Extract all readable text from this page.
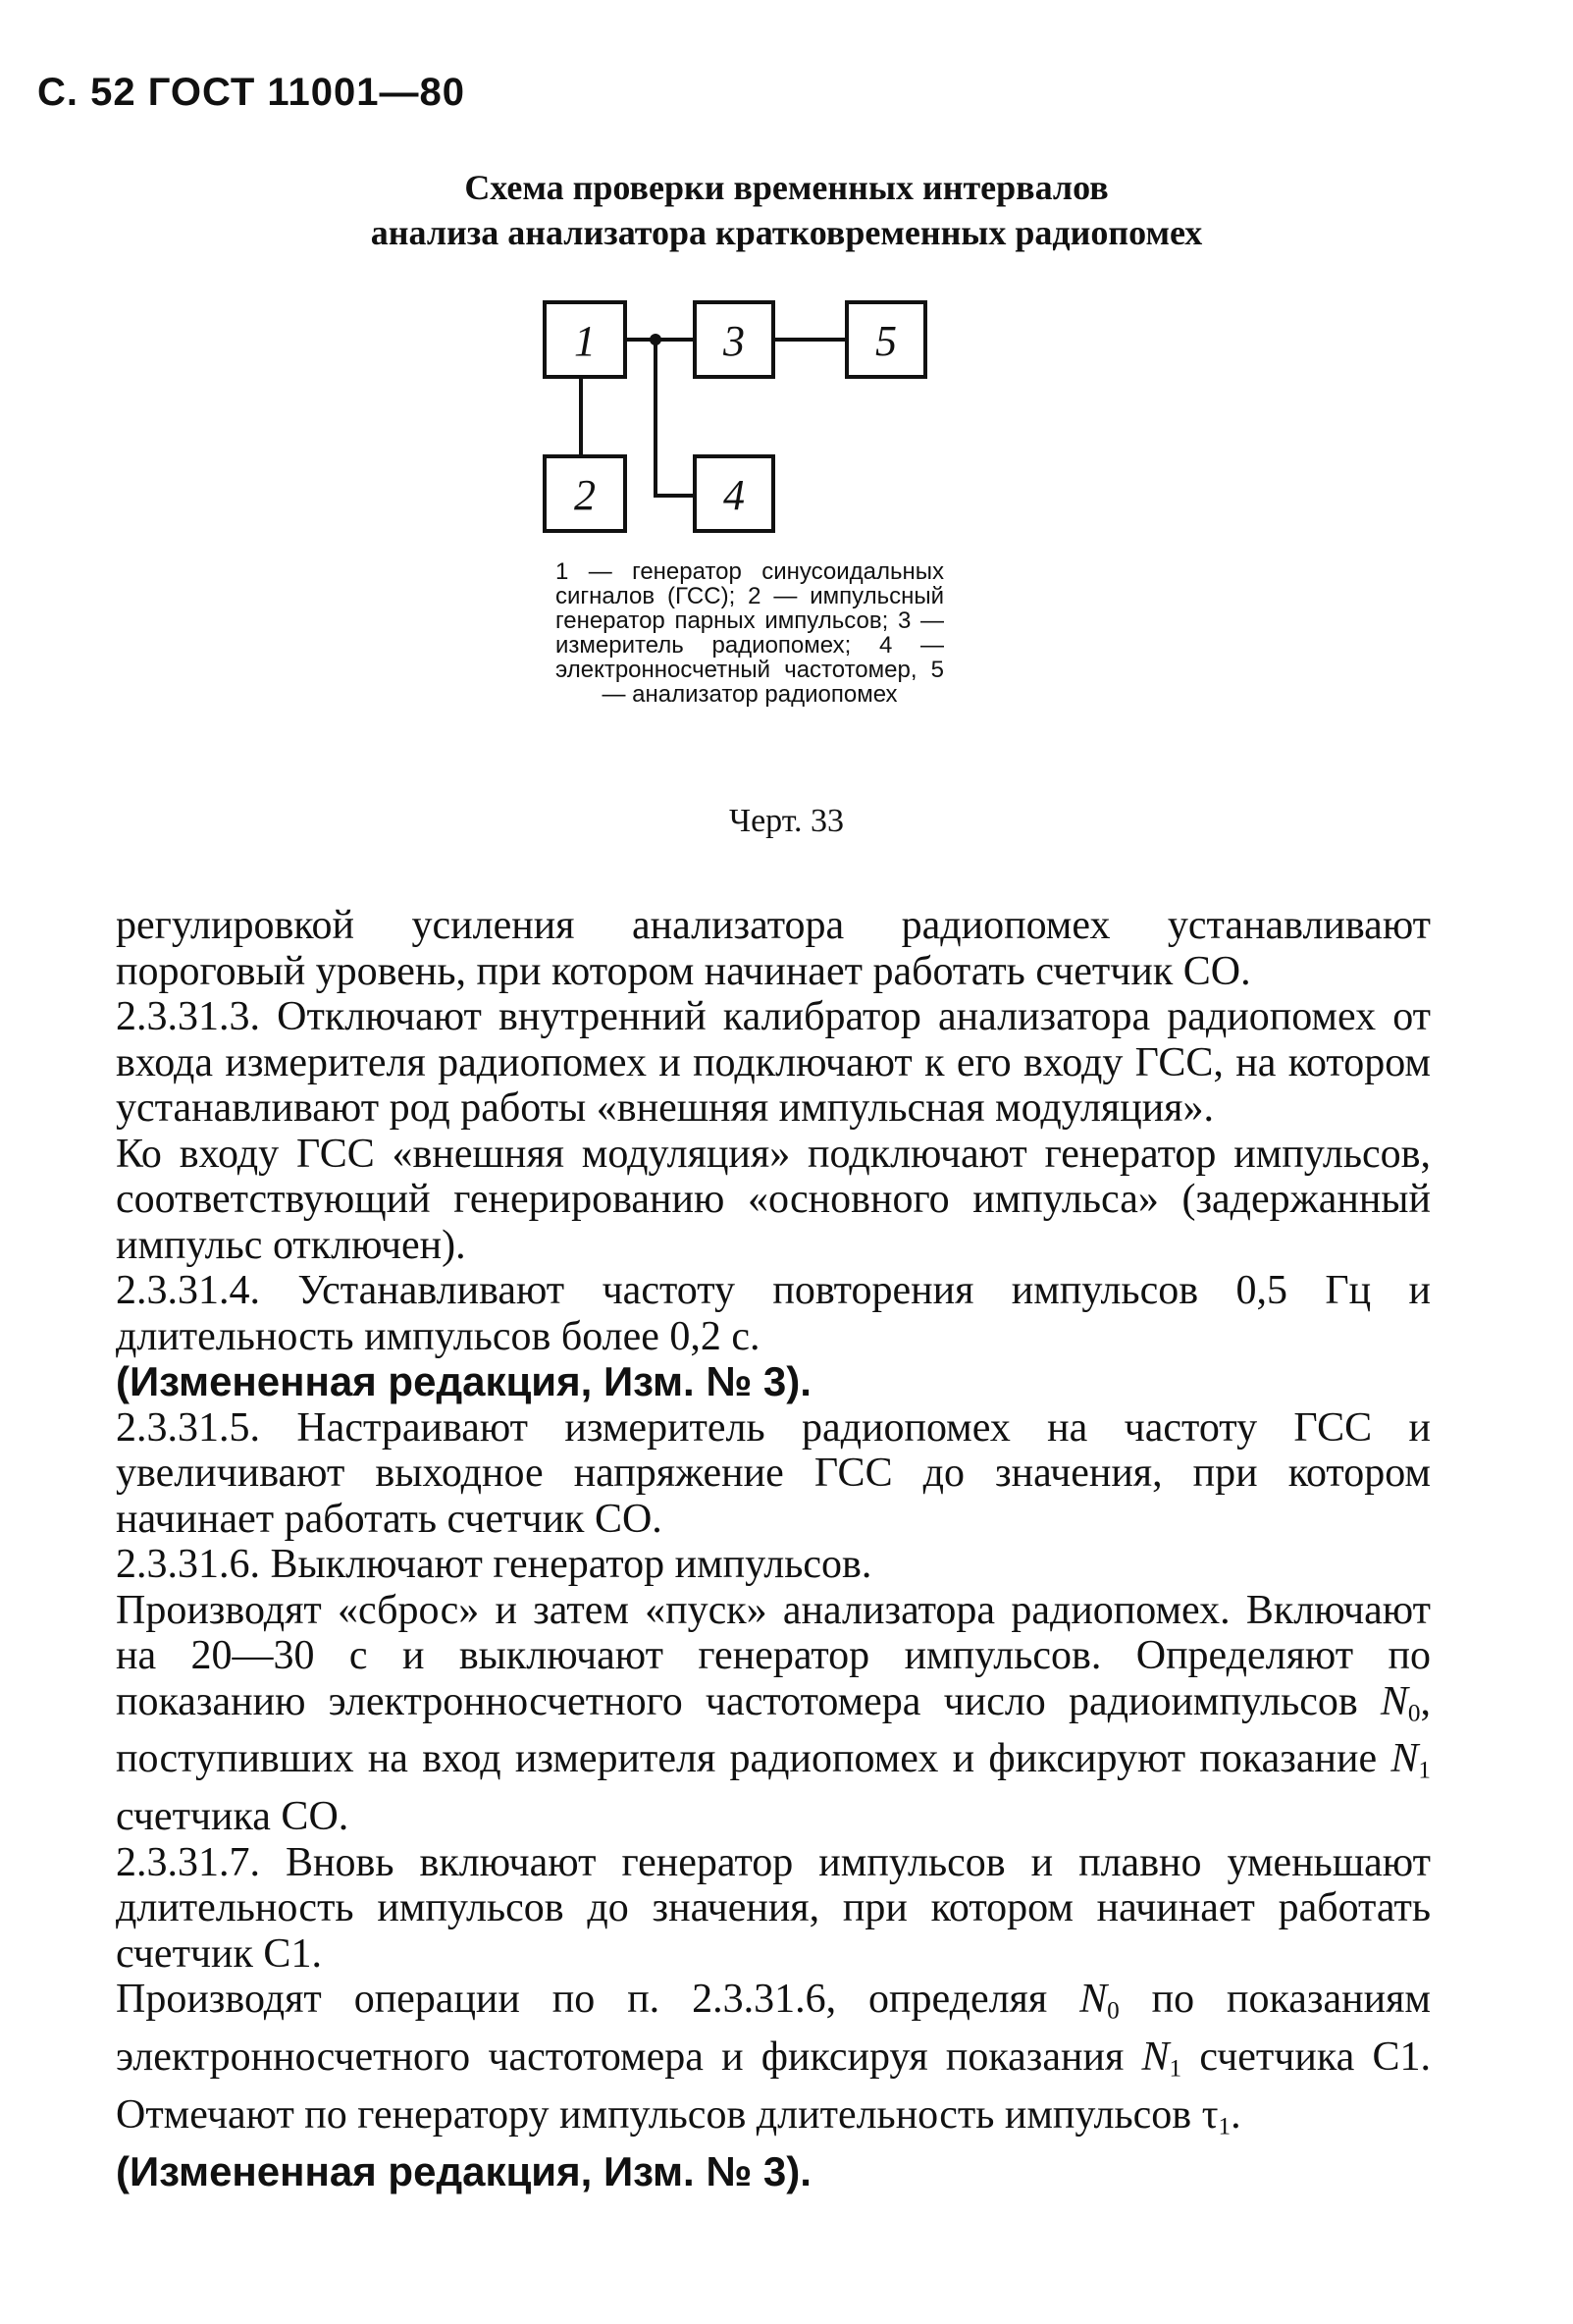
С. 52 ГОСТ 11001—80
Схема проверки временных интервалов
анализа анализатора кратковременных радиопомех
1
2
3
4
5
1 — генератор синусоидальных сигналов (ГСС); 2 — импульсный генератор парных импульсов; 3 — измеритель радиопомех; 4 — электронносчетный частотомер, 5 — анализатор радиопомех
Черт. 33

регулировкой усиления анализатора радиопомех устанавливают пороговый уровень, при котором начинает работать счетчик СО.

2.3.31.3. Отключают внутренний калибратор анализатора радиопомех от входа измерителя радиопомех и подключают к его входу ГСС, на котором устанавливают род работы «внешняя импульсная модуляция».

Ко входу ГСС «внешняя модуляция» подключают генератор импульсов, соответствующий генерированию «основного импульса» (задержанный импульс отключен).

2.3.31.4. Устанавливают частоту повторения импульсов 0,5 Гц и длительность импульсов более 0,2 с.

(Измененная редакция, Изм. № 3).

2.3.31.5. Настраивают измеритель радиопомех на частоту ГСС и увеличивают выходное напряжение ГСС до значения, при котором начинает работать счетчик СО.

2.3.31.6. Выключают генератор импульсов.

Производят «сброс» и затем «пуск» анализатора радиопомех. Включают на 20—30 с и выключают генератор импульсов. Определяют по показанию электронносчетного частотомера число радиоимпульсов $N_0$, поступивших на вход измерителя радиопомех и фиксируют показание $N_1$ счетчика СО.

2.3.31.7. Вновь включают генератор импульсов и плавно уменьшают длительность импульсов до значения, при котором начинает работать счетчик С1.

Производят операции по п. 2.3.31.6, определяя $N_0$ по показаниям электронносчетного частотомера и фиксируя показания $N_1$ счетчика С1. Отмечают по генератору импульсов длительность импульсов $\tau_1$.

(Измененная редакция, Изм. № 3).
